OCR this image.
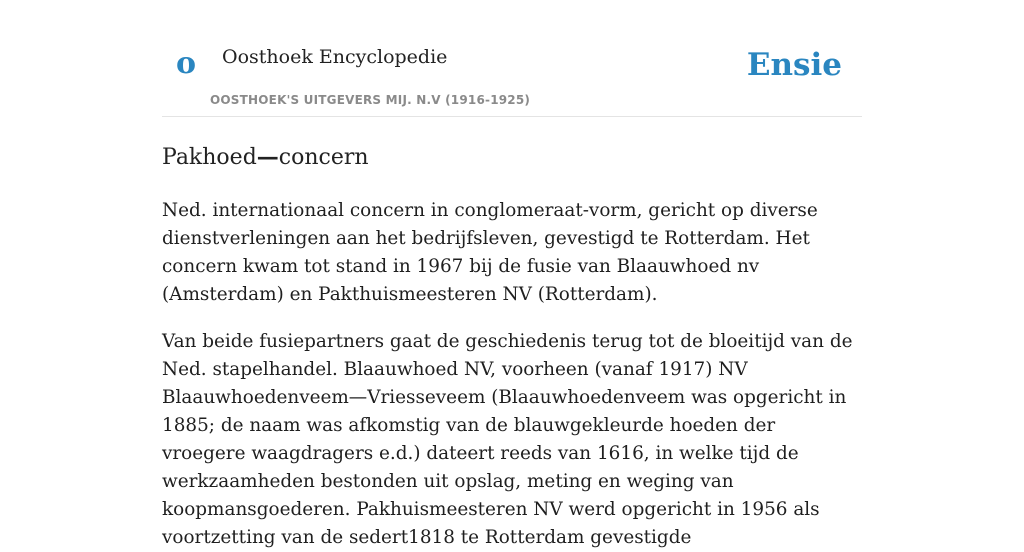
o Oosthoek Encyclopedie
OOSTHOEK'S UITGEVERS MIJ. N.V (1916-1925)
Ensie
Pakhoed—concern

Ned. internationaal concern in conglomeraat-vorm, gericht op diverse dienstverleningen aan het bedrijfsleven, gevestigd te Rotterdam. Het concern kwam tot stand in 1967 bij de fusie van Blaauwhoed nv (Amsterdam) en Pakthuismeesteren NV (Rotterdam).

Van beide fusiepartners gaat de geschiedenis terug tot de bloeitijd van de Ned. stapelhandel. Blaauwhoed NV, voorheen (vanaf 1917) NV Blaauwhoedenveem—Vriesseveem (Blaauwhoedenveem was opgericht in 1885; de naam was afkomstig van de blauwgekleurde hoeden der vroegere waagdragers e.d.) dateert reeds van 1616, in welke tijd de werkzaamheden bestonden uit opslag, meting en weging van koopmansgoederen. Pakhuismeesteren NV werd opgericht in 1956 als voortzetting van de sedert1818 te Rotterdam gevestigde
